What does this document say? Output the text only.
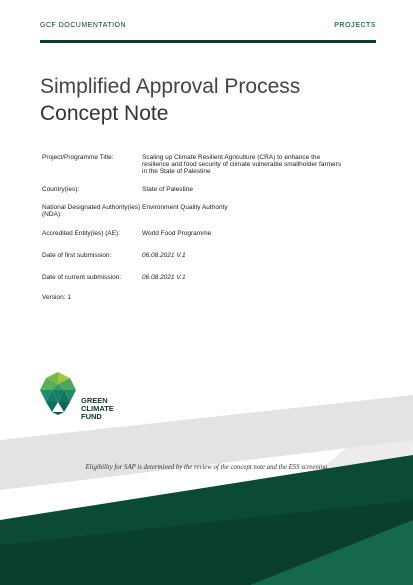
GCF DOCUMENTATION	PROJECTS
Simplified Approval Process
Concept Note
Project/Programme Title:	Scaling up Climate Resilient Agriculture (CRA) to enhance the resilience and food security of climate vulnerable smallholder farmers in the State of Palestine
Country(ies):	State of Palestine
National Designated Authority(ies) (NDA):	Environment Quality Authority
Accredited Entity(ies) (AE):	World Food Programme
Date of first submission:	06.08.2021 V.1
Date of current submission:	06.08.2021 V.1
Version: 1	
GREEN
CLIMATE
FUND
Eligibility for SAP is determined by the review of the concept note and the ESS screening
